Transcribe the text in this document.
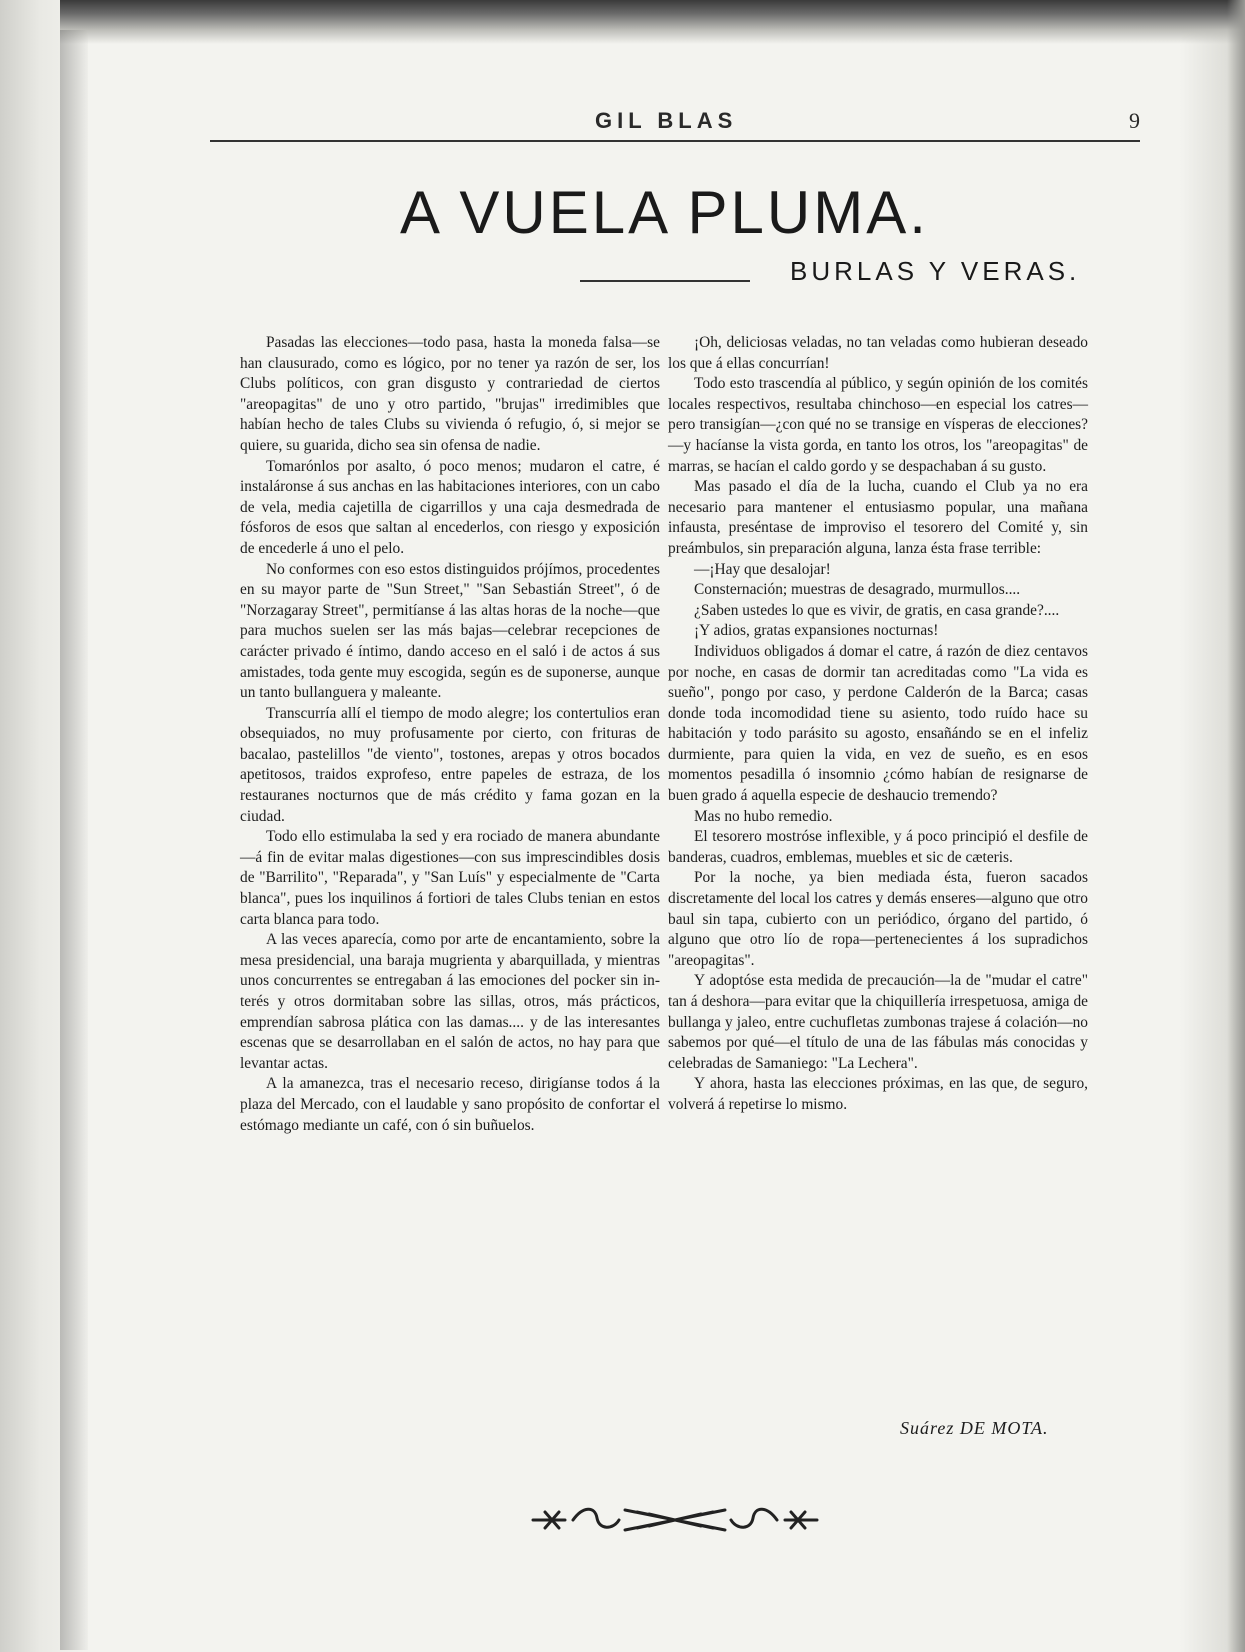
GIL BLAS	9
A VUELA PLUMA.
BURLAS Y VERAS.

Pasadas las elecciones—todo pasa, hasta la moneda falsa—se han clausurado, como es lógico, por no tener ya razón de ser, los Clubs políticos, con gran disgusto y contrariedad de ciertos "areopagitas" de uno y otro partido, "brujas" irredimibles que habían hecho de tales Clubs su vivienda ó refugio, ó, si mejor se quiere, su guarida, dicho sea sin ofensa de nadie.

Tomarónlos por asalto, ó poco menos; mudaron el catre, é instaláronse á sus anchas en las habitaciones interiores, con un cabo de vela, media cajetilla de cigarrillos y una caja desmedrada de fósforos de esos que saltan al encederlos, con riesgo y exposición de encederle á uno el pelo.

No conformes con eso estos distinguidos prójímos, procedentes en su mayor parte de "Sun Street," "San Sebastián Street", ó de "Norzagaray Street", permitíanse á las altas horas de la noche—que para muchos suelen ser las más bajas—celebrar recepciones de carácter privado é íntimo, dando acceso en el saló i de actos á sus amistades, toda gente muy escogida, según es de suponerse, aunque un tanto bullanguera y maleante.

Transcurría allí el tiempo de modo alegre; los contertulios eran obsequiados, no muy profusamente por cierto, con frituras de bacalao, pastelillos "de viento", tostones, arepas y otros bocados apetitosos, traidos exprofeso, entre papeles de estraza, de los restauranes nocturnos que de más crédito y fama gozan en la ciudad.

Todo ello estimulaba la sed y era rociado de manera abundante—á fin de evitar malas digestiones—con sus imprescindibles dosis de "Barrilito", "Reparada", y "San Luís" y especialmente de "Carta blanca", pues los inquilinos á fortiori de tales Clubs tenian en estos carta blanca para todo.

A las veces aparecía, como por arte de encantamiento, sobre la mesa presidencial, una baraja mugrienta y abarquillada, y mientras unos concurrentes se entregaban á las emociones del pocker sin interés y otros dormitaban sobre las sillas, otros, más prácticos, emprendían sabrosa plática con las damas.... y de las interesantes escenas que se desarrollaban en el salón de actos, no hay para que levantar actas.

A la amanezca, tras el necesario receso, dirigíanse todos á la plaza del Mercado, con el laudable y sano propósito de confortar el estómago mediante un café, con ó sin buñuelos.

¡Oh, deliciosas veladas, no tan veladas como hubieran deseado los que á ellas concurrían!

Todo esto trascendía al público, y según opinión de los comités locales respectivos, resultaba chinchoso—en especial los catres—pero transigían—¿con qué no se transige en vísperas de elecciones?—y hacíanse la vista gorda, en tanto los otros, los "areopagitas" de marras, se hacían el caldo gordo y se despachaban á su gusto.

Mas pasado el día de la lucha, cuando el Club ya no era necesario para mantener el entusiasmo popular, una mañana infausta, preséntase de improviso el tesorero del Comité y, sin preámbulos, sin preparación alguna, lanza ésta frase terrible:

—¡Hay que desalojar!

Consternación; muestras de desagrado, murmullos....

¿Saben ustedes lo que es vivir, de gratis, en casa grande?....

¡Y adios, gratas expansiones nocturnas!

Individuos obligados á domar el catre, á razón de diez centavos por noche, en casas de dormir tan acreditadas como "La vida es sueño", pongo por caso, y perdone Calderón de la Barca; casas donde toda incomodidad tiene su asiento, todo ruído hace su habitación y todo parásito su agosto, ensañándo se en el infeliz durmiente, para quien la vida, en vez de sueño, es en esos momentos pesadilla ó insomnio ¿cómo habían de resignarse de buen grado á aquella especie de deshaucio tremendo?

Mas no hubo remedio.

El tesorero mostróse inflexible, y á poco principió el desfile de banderas, cuadros, emblemas, muebles et sic de cæteris.

Por la noche, ya bien mediada ésta, fueron sacados discretamente del local los catres y demás enseres—alguno que otro baul sin tapa, cubierto con un periódico, órgano del partido, ó alguno que otro lío de ropa—pertenecientes á los supradichos "areopagitas".

Y adoptóse esta medida de precaución—la de "mudar el catre" tan á deshora—para evitar que la chiquillería irrespetuosa, amiga de bullanga y jaleo, entre cuchufletas zumbonas trajese á colación—no sabemos por qué—el título de una de las fábulas más conocidas y celebradas de Samaniego: "La Lechera".

Y ahora, hasta las elecciones próximas, en las que, de seguro, volverá á repetirse lo mismo.

Suárez DE MOTA.
